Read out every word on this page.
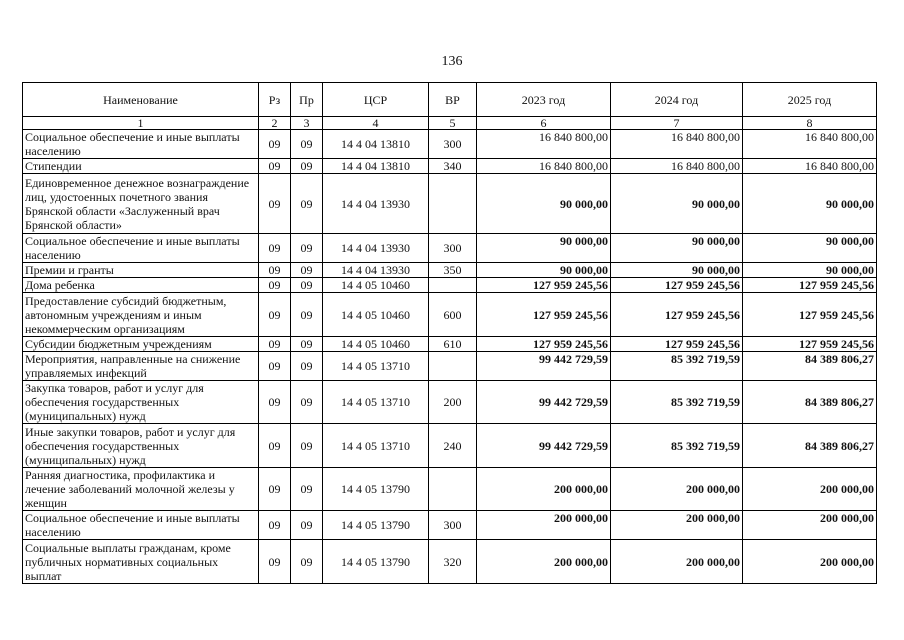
136
Наименование	Рз	Пр	ЦСР	ВР	2023 год	2024 год	2025 год
1	2	3	4	5	6	7	8
Социальное обеспечение и иные выплаты населению	09	09	14 4 04 13810	300	16 840 800,00	16 840 800,00	16 840 800,00
Стипендии	09	09	14 4 04 13810	340	16 840 800,00	16 840 800,00	16 840 800,00
Единовременное денежное вознаграждение лиц, удостоенных почетного звания Брянской области «Заслуженный врач Брянской области»	09	09	14 4 04 13930		90 000,00	90 000,00	90 000,00
Социальное обеспечение и иные выплаты населению	09	09	14 4 04 13930	300	90 000,00	90 000,00	90 000,00
Премии и гранты	09	09	14 4 04 13930	350	90 000,00	90 000,00	90 000,00
Дома ребенка	09	09	14 4 05 10460		127 959 245,56	127 959 245,56	127 959 245,56
Предоставление субсидий бюджетным, автономным учреждениям и иным некоммерческим организациям	09	09	14 4 05 10460	600	127 959 245,56	127 959 245,56	127 959 245,56
Субсидии бюджетным учреждениям	09	09	14 4 05 10460	610	127 959 245,56	127 959 245,56	127 959 245,56
Мероприятия, направленные на снижение управляемых инфекций	09	09	14 4 05 13710		99 442 729,59	85 392 719,59	84 389 806,27
Закупка товаров, работ и услуг для обеспечения государственных (муниципальных) нужд	09	09	14 4 05 13710	200	99 442 729,59	85 392 719,59	84 389 806,27
Иные закупки товаров, работ и услуг для обеспечения государственных (муниципальных) нужд	09	09	14 4 05 13710	240	99 442 729,59	85 392 719,59	84 389 806,27
Ранняя диагностика, профилактика и лечение заболеваний молочной железы у женщин	09	09	14 4 05 13790		200 000,00	200 000,00	200 000,00
Социальное обеспечение и иные выплаты населению	09	09	14 4 05 13790	300	200 000,00	200 000,00	200 000,00
Социальные выплаты гражданам, кроме публичных нормативных социальных выплат	09	09	14 4 05 13790	320	200 000,00	200 000,00	200 000,00
